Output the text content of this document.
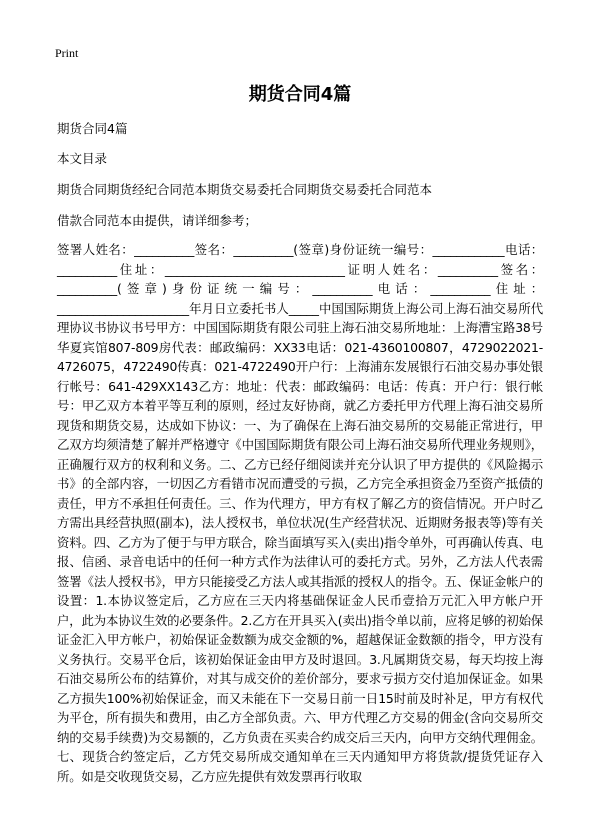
Print
期货合同4篇

期货合同4篇

本文目录

期货合同期货经纪合同范本期货交易委托合同期货交易委托合同范本

借款合同范本由提供，请详细参考；

签署人姓名：__________签名：__________(签章)身份证统一编号：____________电话：__________住址：______________________________证明人姓名：__________签名：__________(签章)身份证统一编号：__________电话：__________住址：______________________年月日立委托书人_____中国国际期货上海公司上海石油交易所代理协议书协议书号甲方：中国国际期货有限公司驻上海石油交易所地址：上海漕宝路38号华夏宾馆807-809房代表：邮政编码：XX33电话：021-4360100807，4729022021-4726075，4722490传真：021-4722490开户行：上海浦东发展银行石油交易办事处银行帐号：641-429XX143乙方：地址：代表：邮政编码：电话：传真：开户行：银行帐号：甲乙双方本着平等互利的原则，经过友好协商，就乙方委托甲方代理上海石油交易所现货和期货交易，达成如下协议：一、为了确保在上海石油交易所的交易能正常进行，甲乙双方均须清楚了解并严格遵守《中国国际期货有限公司上海石油交易所代理业务规则》，正确履行双方的权利和义务。二、乙方已经仔细阅读并充分认识了甲方提供的《风险揭示书》的全部内容，一切因乙方看错市况而遭受的亏损，乙方完全承担资金乃至资产抵债的责任，甲方不承担任何责任。三、作为代理方，甲方有权了解乙方的资信情况。开户时乙方需出具经营执照(副本)，法人授权书，单位状况(生产经营状况、近期财务报表等)等有关资料。四、乙方为了便于与甲方联合，除当面填写买入(卖出)指令单外，可再确认传真、电报、信函、录音电话中的任何一种方式作为法律认可的委托方式。另外，乙方法人代表需签署《法人授权书》，甲方只能接受乙方法人或其指派的授权人的指令。五、保证金帐户的设置：1.本协议签定后，乙方应在三天内将基础保证金人民币壹拾万元汇入甲方帐户开户，此为本协议生效的必要条件。2.乙方在开具买入(卖出)指令单以前，应将足够的初始保证金汇入甲方帐户，初始保证金数额为成交金额的%，超越保证金数额的指令，甲方没有义务执行。交易平仓后，该初始保证金由甲方及时退回。3.凡属期货交易，每天均按上海石油交易所公布的结算价，对其与成交价的差价部分，要求亏损方交付追加保证金。如果乙方损失100%初始保证金，而又未能在下一交易日前一日15时前及时补足，甲方有权代为平仓，所有损失和费用，由乙方全部负责。六、甲方代理乙方交易的佣金(含向交易所交纳的交易手续费)为交易额的，乙方负责在买卖合约成交后三天内，向甲方交纳代理佣金。七、现货合约签定后，乙方凭交易所成交通知单在三天内通知甲方将货款/提货凭证存入所。如是交收现货交易，乙方应先提供有效发票再行收取
